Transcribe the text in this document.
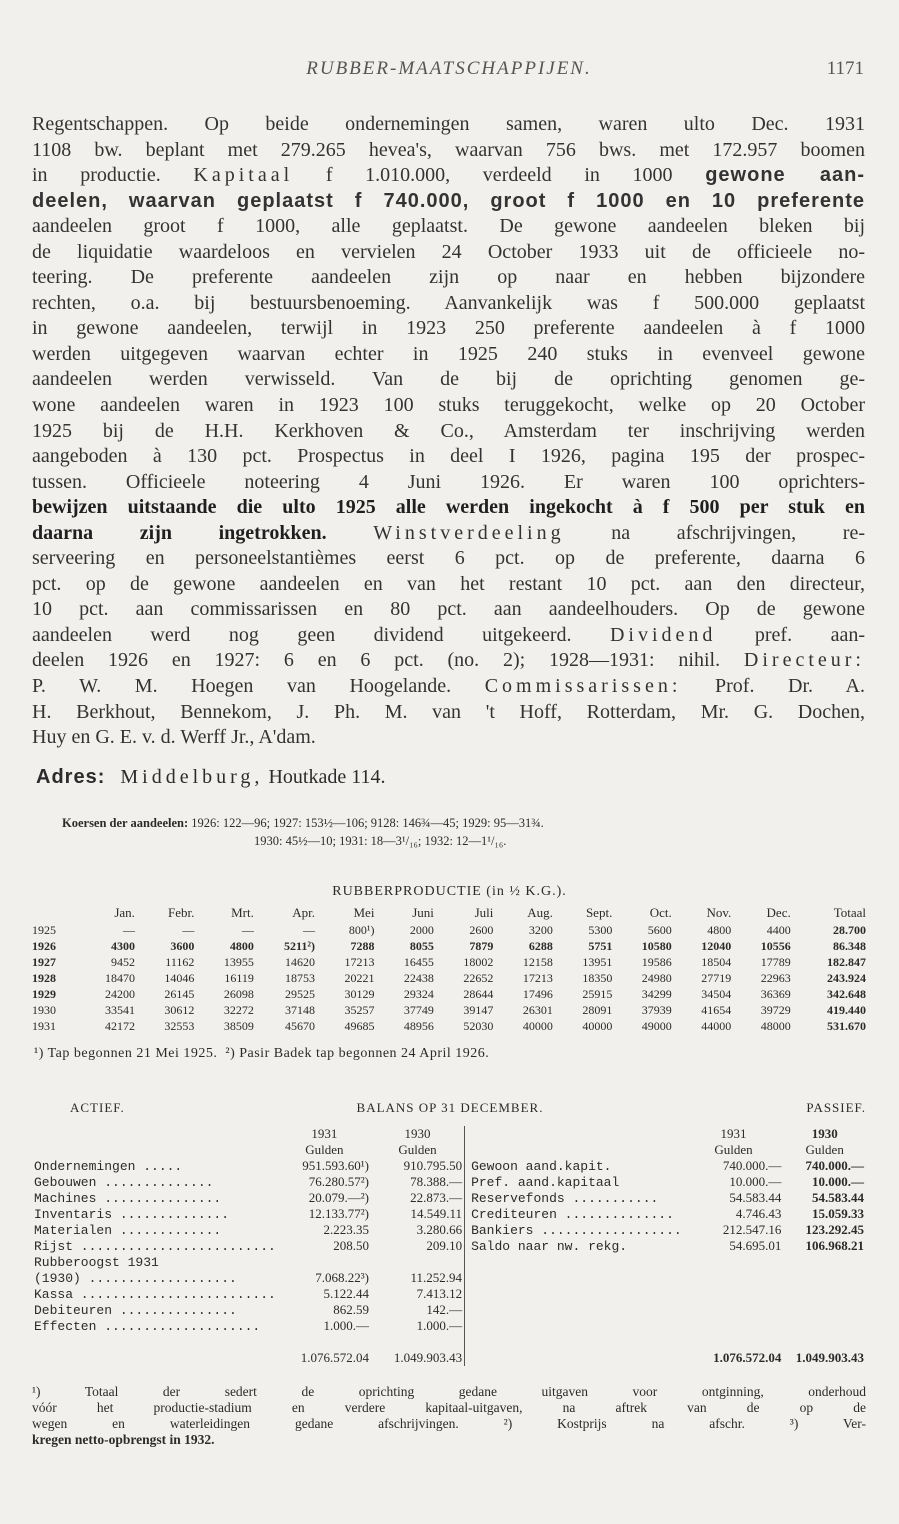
RUBBER-MAATSCHAPPIJEN.	1171
Regentschappen. Op beide ondernemingen samen, waren ulto Dec. 1931
1108 bw. beplant met 279.265 hevea's, waarvan 756 bws. met 172.957 boomen
in productie. Kapitaal f 1.010.000, verdeeld in 1000 gewone aan-
deelen, waarvan geplaatst f 740.000, groot f 1000 en 10 preferente
aandeelen groot f 1000, alle geplaatst. De gewone aandeelen bleken bij
de liquidatie waardeloos en vervielen 24 October 1933 uit de officieele no-
teering. De preferente aandeelen zijn op naar en hebben bijzondere
rechten, o.a. bij bestuursbenoeming. Aanvankelijk was f 500.000 geplaatst
in gewone aandeelen, terwijl in 1923 250 preferente aandeelen à f 1000
werden uitgegeven waarvan echter in 1925 240 stuks in evenveel gewone
aandeelen werden verwisseld. Van de bij de oprichting genomen ge-
wone aandeelen waren in 1923 100 stuks teruggekocht, welke op 20 October
1925 bij de H.H. Kerkhoven & Co., Amsterdam ter inschrijving werden
aangeboden à 130 pct. Prospectus in deel I 1926, pagina 195 der prospec-
tussen. Officieele noteering 4 Juni 1926. Er waren 100 oprichters-
bewijzen uitstaande die ulto 1925 alle werden ingekocht à f 500 per stuk en
daarna zijn ingetrokken. Winstverdeeling na afschrijvingen, re-
serveering en personeelstantièmes eerst 6 pct. op de preferente, daarna 6
pct. op de gewone aandeelen en van het restant 10 pct. aan den directeur,
10 pct. aan commissarissen en 80 pct. aan aandeelhouders. Op de gewone
aandeelen werd nog geen dividend uitgekeerd. Dividend pref. aan-
deelen 1926 en 1927: 6 en 6 pct. (no. 2); 1928—1931: nihil. Directeur:
P. W. M. Hoegen van Hoogelande. Commissarissen: Prof. Dr. A.
H. Berkhout, Bennekom, J. Ph. M. van 't Hoff, Rotterdam, Mr. G. Dochen,
Huy en G. E. v. d. Werff Jr., A'dam.
Adres: Middelburg, Houtkade 114.
Koersen der aandeelen: 1926: 122—96; 1927: 153½—106; 9128: 146¾—45; 1929: 95—31¾.
1930: 45½—10; 1931: 18—3¹/₁₆; 1932: 12—1¹/₁₆.
RUBBERPRODUCTIE (in ½ K.G.).
	Jan.	Febr.	Mrt.	Apr.	Mei	Juni	Juli	Aug.	Sept.	Oct.	Nov.	Dec.	Totaal
1925	—	—	—	—	800¹)	2000	2600	3200	5300	5600	4800	4400	28.700
1926	4300	3600	4800	5211²)	7288	8055	7879	6288	5751	10580	12040	10556	86.348
1927	9452	11162	13955	14620	17213	16455	18002	12158	13951	19586	18504	17789	182.847
1928	18470	14046	16119	18753	20221	22438	22652	17213	18350	24980	27719	22963	243.924
1929	24200	26145	26098	29525	30129	29324	28644	17496	25915	34299	34504	36369	342.648
1930	33541	30612	32272	37148	35257	37749	39147	26301	28091	37939	41654	39729	419.440
1931	42172	32553	38509	45670	49685	48956	52030	40000	40000	49000	44000	48000	531.670
¹) Tap begonnen 21 Mei 1925. ²) Pasir Badek tap begonnen 24 April 1926.
ACTIEF.	BALANS OP 31 DECEMBER.	PASSIEF.
	1931	1930		1931	1930
	Gulden	Gulden		Gulden	Gulden
Ondernemingen .....	951.593.60¹)	910.795.50	Gewoon aand.kapit.	740.000.—	740.000.—
Gebouwen ..............	76.280.57²)	78.388.—	Pref. aand.kapitaal	10.000.—	10.000.—
Machines ...............	20.079.—²)	22.873.—	Reservefonds ...........	54.583.44	54.583.44
Inventaris ..............	12.133.77²)	14.549.11	Crediteuren ..............	4.746.43	15.059.33
Materialen .............	2.223.35	3.280.66	Bankiers ..................	212.547.16	123.292.45
Rijst .........................	208.50	209.10	Saldo naar nw. rekg.	54.695.01	106.968.21
Rubberoogst 1931					
(1930) ...................	7.068.22³)	11.252.94			
Kassa .........................	5.122.44	7.413.12			
Debiteuren ...............	862.59	142.—			
Effecten ....................	1.000.—	1.000.—			
	1.076.572.04	1.049.903.43		1.076.572.04	1.049.903.43
¹) Totaal der sedert de oprichting gedane uitgaven voor ontginning, onderhoud
vóór het productie-stadium en verdere kapitaal-uitgaven, na aftrek van de op de
wegen en waterleidingen gedane afschrijvingen. ²) Kostprijs na afschr. ³) Ver-
kregen netto-opbrengst in 1932.
